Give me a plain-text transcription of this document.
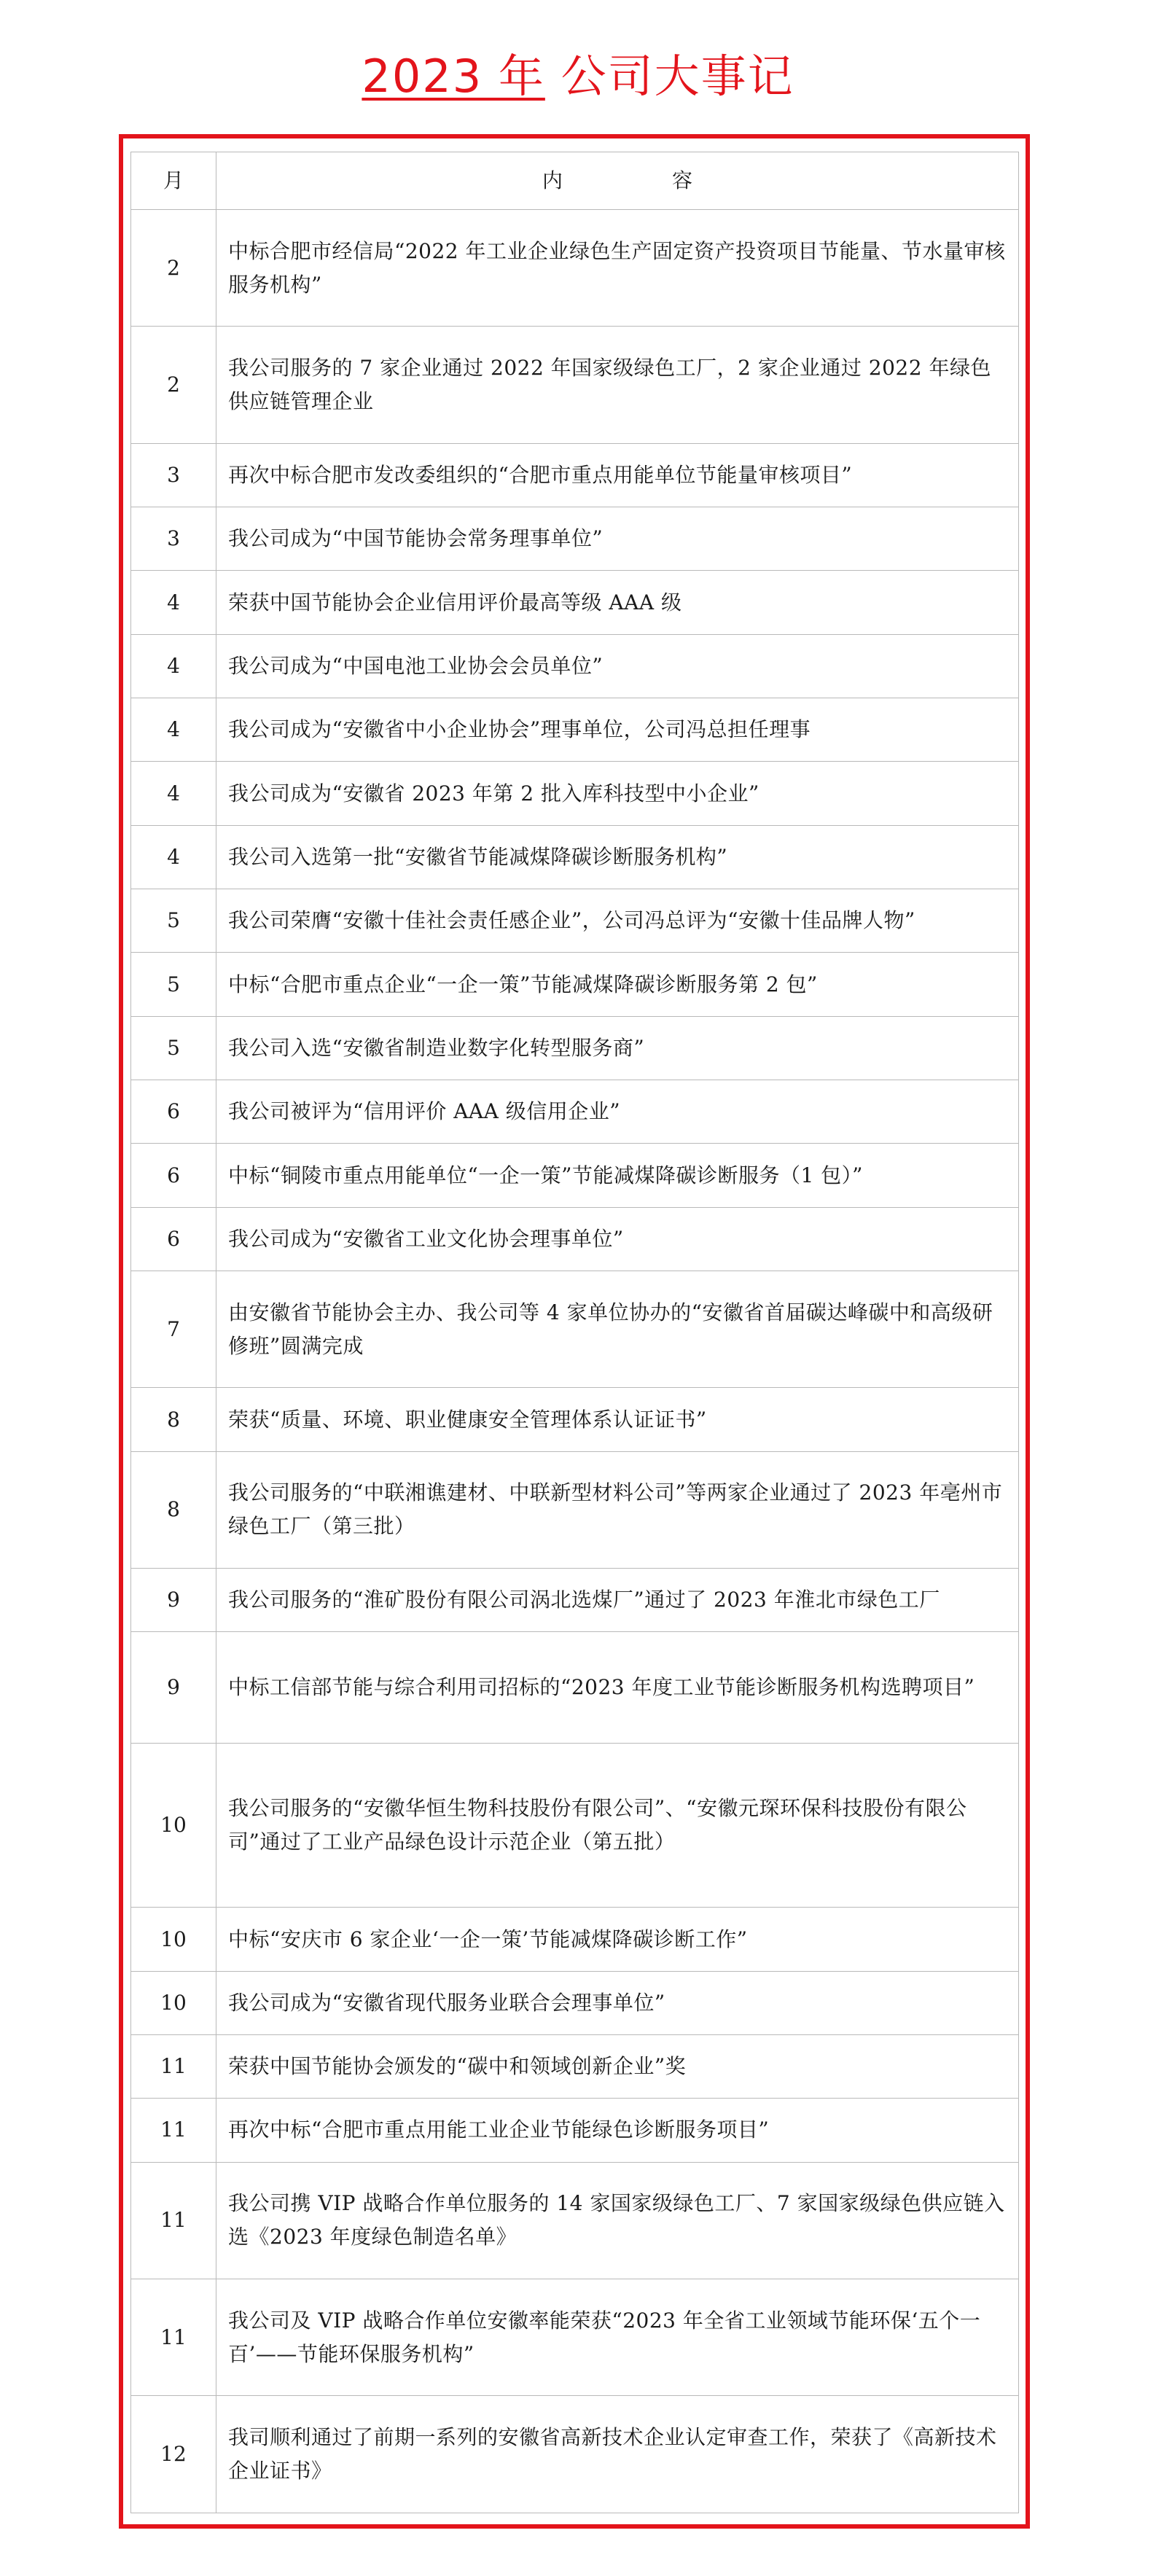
2023 年 公司大事记
月	内容
2	中标合肥市经信局“2022 年工业企业绿色生产固定资产投资项目节能量、节水量审核服务机构”
2	我公司服务的 7 家企业通过 2022 年国家级绿色工厂，2 家企业通过 2022 年绿色供应链管理企业
3	再次中标合肥市发改委组织的“合肥市重点用能单位节能量审核项目”
3	我公司成为“中国节能协会常务理事单位”
4	荣获中国节能协会企业信用评价最高等级 AAA 级
4	我公司成为“中国电池工业协会会员单位”
4	我公司成为“安徽省中小企业协会”理事单位，公司冯总担任理事
4	我公司成为“安徽省 2023 年第 2 批入库科技型中小企业”
4	我公司入选第一批“安徽省节能减煤降碳诊断服务机构”
5	我公司荣膺“安徽十佳社会责任感企业”，公司冯总评为“安徽十佳品牌人物”
5	中标“合肥市重点企业“一企一策”节能减煤降碳诊断服务第 2 包”
5	我公司入选“安徽省制造业数字化转型服务商”
6	我公司被评为“信用评价 AAA 级信用企业”
6	中标“铜陵市重点用能单位“一企一策”节能减煤降碳诊断服务（1 包）”
6	我公司成为“安徽省工业文化协会理事单位”
7	由安徽省节能协会主办、我公司等 4 家单位协办的“安徽省首届碳达峰碳中和高级研修班”圆满完成
8	荣获“质量、环境、职业健康安全管理体系认证证书”
8	我公司服务的“中联湘谯建材、中联新型材料公司”等两家企业通过了 2023 年亳州市绿色工厂（第三批）
9	我公司服务的“淮矿股份有限公司涡北选煤厂”通过了 2023 年淮北市绿色工厂
9	中标工信部节能与综合利用司招标的“2023 年度工业节能诊断服务机构选聘项目”
10	我公司服务的“安徽华恒生物科技股份有限公司”、“安徽元琛环保科技股份有限公司”通过了工业产品绿色设计示范企业（第五批）
10	中标“安庆市 6 家企业‘一企一策’节能减煤降碳诊断工作”
10	我公司成为“安徽省现代服务业联合会理事单位”
11	荣获中国节能协会颁发的“碳中和领域创新企业”奖
11	再次中标“合肥市重点用能工业企业节能绿色诊断服务项目”
11	我公司携 VIP 战略合作单位服务的 14 家国家级绿色工厂、7 家国家级绿色供应链入选《2023 年度绿色制造名单》
11	我公司及 VIP 战略合作单位安徽率能荣获“2023 年全省工业领域节能环保‘五个一百’——节能环保服务机构”
12	我司顺利通过了前期一系列的安徽省高新技术企业认定审查工作，荣获了《高新技术企业证书》
